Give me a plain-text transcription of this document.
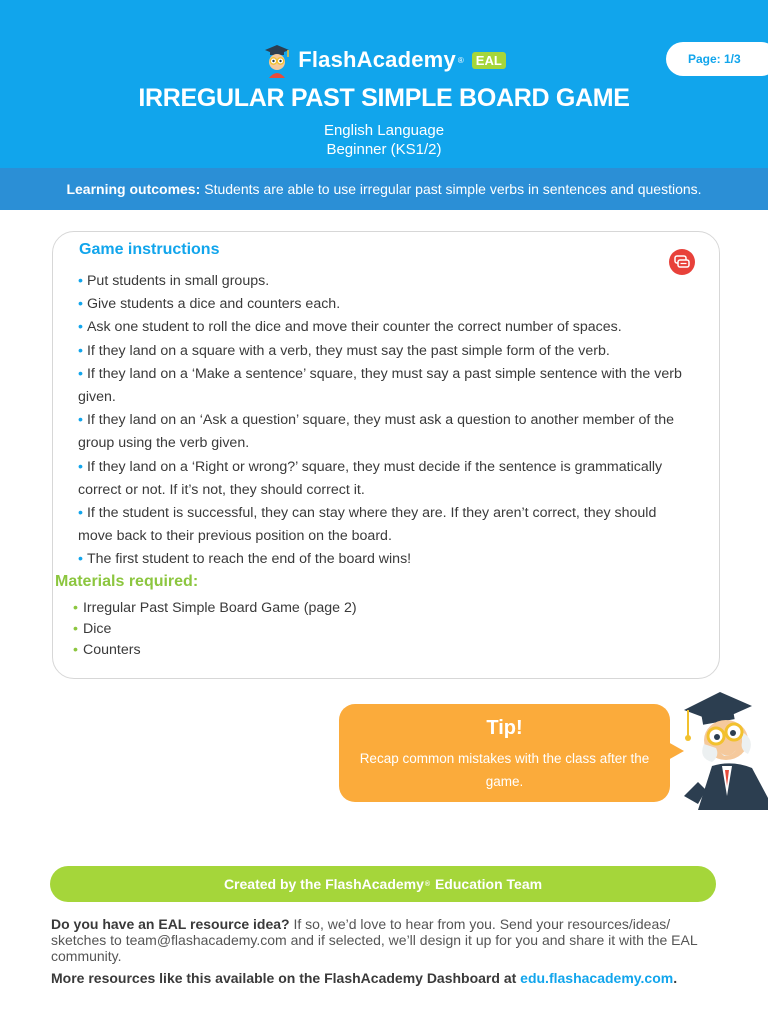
FlashAcademy ® EAL	Page: 1/3
IRREGULAR PAST SIMPLE BOARD GAME
English Language
Beginner (KS1/2)
Learning outcomes: Students are able to use irregular past simple verbs in sentences and questions.
Game instructions
• Put students in small groups.
• Give students a dice and counters each.
• Ask one student to roll the dice and move their counter the correct number of spaces.
• If they land on a square with a verb, they must say the past simple form of the verb.
• If they land on a ‘Make a sentence’ square, they must say a past simple sentence with the verb given.
• If they land on an ‘Ask a question’ square, they must ask a question to another member of the group using the verb given.
• If they land on a ‘Right or wrong?’ square, they must decide if the sentence is grammatically correct or not. If it’s not, they should correct it.
• If the student is successful, they can stay where they are. If they aren’t correct, they should move back to their previous position on the board.
• The first student to reach the end of the board wins!
Materials required:
• Irregular Past Simple Board Game (page 2)
• Dice
• Counters
Tip!
Recap common mistakes with the class after the game.
Created by the FlashAcademy ®
Education Team
Do you have an EAL resource idea? If so, we’d love to hear from you. Send your resources/ideas/ sketches to team@flashacademy.com and if selected, we’ll design it up for you and share it with the EAL community.
More resources like this available on the FlashAcademy Dashboard at edu.flashacademy.com.
